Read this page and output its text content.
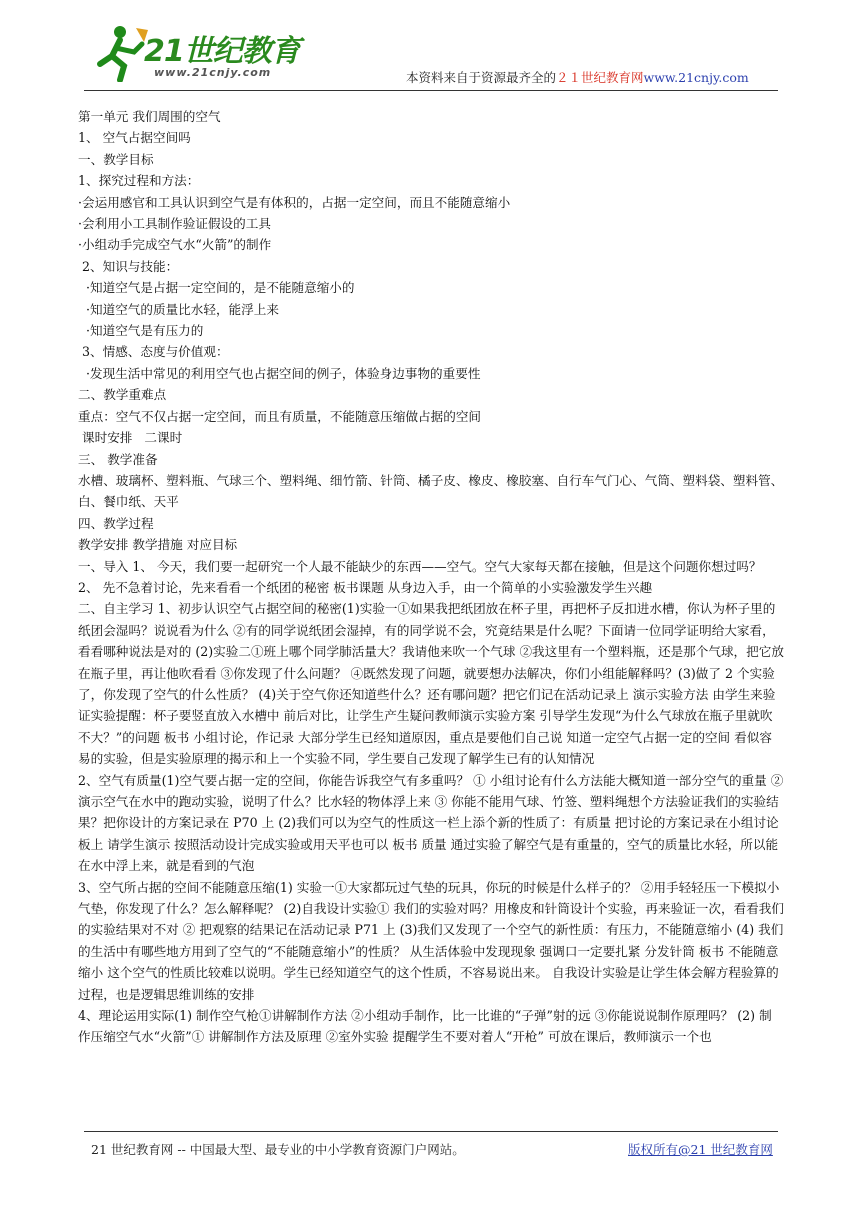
21世纪教育
www.21cnjy.com	本资料来自于资源最齐全的２１世纪教育网www.21cnjy.com

第一单元 我们周围的空气

1、 空气占据空间吗

一、教学目标

1、探究过程和方法：

·会运用感官和工具认识到空气是有体积的，占据一定空间，而且不能随意缩小

·会利用小工具制作验证假设的工具

·小组动手完成空气水“火箭”的制作

2、知识与技能：

·知道空气是占据一定空间的，是不能随意缩小的

·知道空气的质量比水轻，能浮上来

·知道空气是有压力的

3、情感、态度与价值观：

·发现生活中常见的利用空气也占据空间的例子，体验身边事物的重要性

二、教学重难点

重点：空气不仅占据一定空间，而且有质量，不能随意压缩做占据的空间

课时安排   二课时

三、 教学准备

水槽、玻璃杯、塑料瓶、气球三个、塑料绳、细竹箭、针筒、橘子皮、橡皮、橡胶塞、自行车气门心、气筒、塑料袋、塑料管、白、餐巾纸、天平

四、教学过程

教学安排 教学措施 对应目标

一、导入 1、 今天，我们要一起研究一个人最不能缺少的东西——空气。空气大家每天都在接触，但是这个问题你想过吗？ 2、 先不急着讨论，先来看看一个纸团的秘密 板书课题 从身边入手，由一个简单的小实验激发学生兴趣

二、自主学习 1、初步认识空气占据空间的秘密(1)实验一①如果我把纸团放在杯子里，再把杯子反扣进水槽，你认为杯子里的纸团会湿吗？说说看为什么 ②有的同学说纸团会湿掉，有的同学说不会，究竟结果是什么呢？下面请一位同学证明给大家看，看看哪种说法是对的 (2)实验二①班上哪个同学肺活量大？我请他来吹一个气球 ②我这里有一个塑料瓶，还是那个气球，把它放在瓶子里，再让他吹看看 ③你发现了什么问题？ ④既然发现了问题，就要想办法解决，你们小组能解释吗？(3)做了 2 个实验了，你发现了空气的什么性质？ (4)关于空气你还知道些什么？还有哪问题？把它们记在活动记录上 演示实验方法 由学生来验证实验提醒：杯子要竖直放入水槽中 前后对比，让学生产生疑问教师演示实验方案 引导学生发现“为什么气球放在瓶子里就吹不大？”的问题 板书 小组讨论，作记录 大部分学生已经知道原因，重点是要他们自己说 知道一定空气占据一定的空间 看似容易的实验，但是实验原理的揭示和上一个实验不同，学生要自己发现了解学生已有的认知情况

2、空气有质量(1)空气要占据一定的空间，你能告诉我空气有多重吗？ ① 小组讨论有什么方法能大概知道一部分空气的重量 ② 演示空气在水中的跑动实验，说明了什么？比水轻的物体浮上来 ③ 你能不能用气球、竹签、塑料绳想个方法验证我们的实验结果？把你设计的方案记录在 P70 上 (2)我们可以为空气的性质这一栏上添个新的性质了：有质量 把讨论的方案记录在小组讨论板上 请学生演示 按照活动设计完成实验或用天平也可以 板书 质量 通过实验了解空气是有重量的，空气的质量比水轻，所以能在水中浮上来，就是看到的气泡

3、空气所占据的空间不能随意压缩(1) 实验一①大家都玩过气垫的玩具，你玩的时候是什么样子的？ ②用手轻轻压一下模拟小气垫，你发现了什么？怎么解释呢？ (2)自我设计实验① 我们的实验对吗？用橡皮和针筒设计个实验，再来验证一次，看看我们的实验结果对不对 ② 把观察的结果记在活动记录 P71 上 (3)我们又发现了一个空气的新性质：有压力，不能随意缩小 (4) 我们的生活中有哪些地方用到了空气的“不能随意缩小”的性质？ 从生活体验中发现现象 强调口一定要扎紧 分发针筒 板书 不能随意缩小 这个空气的性质比较难以说明。学生已经知道空气的这个性质，不容易说出来。 自我设计实验是让学生体会解方程验算的过程，也是逻辑思维训练的安排

4、理论运用实际(1) 制作空气枪①讲解制作方法 ②小组动手制作，比一比谁的“子弹”射的远 ③你能说说制作原理吗？ (2) 制作压缩空气水“火箭”① 讲解制作方法及原理 ②室外实验 提醒学生不要对着人“开枪” 可放在课后，教师演示一个也

21 世纪教育网 -- 中国最大型、最专业的中小学教育资源门户网站。	版权所有@21 世纪教育网
